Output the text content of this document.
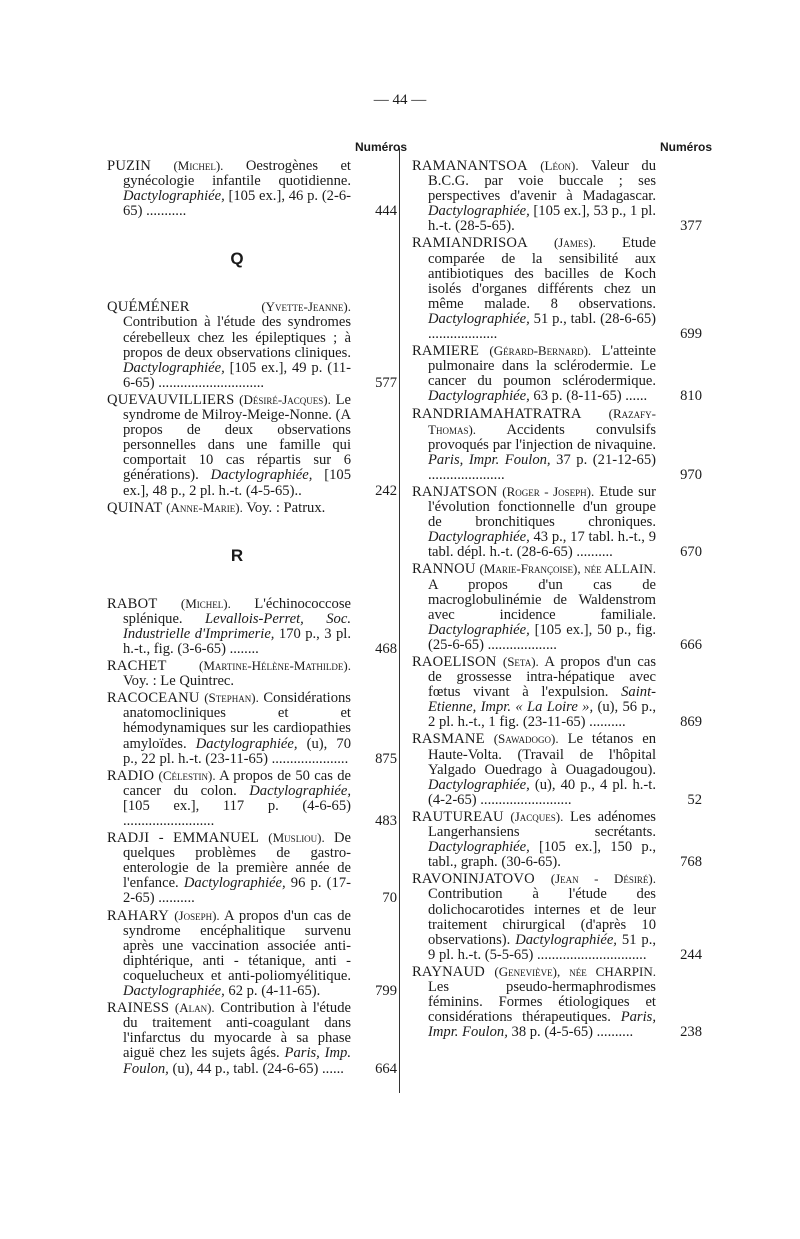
— 44 —
Numéros
PUZIN (Michel). Oestrogènes et gynécologie infantile quotidienne. Dactylographiée, [105 ex.], 46 p. (2-6-65) ...........	444
Q
QUÉMÉNER	(Yvette-Jeanne). Contribution à l'étude des syndromes cérebelleux chez les épileptiques ; à propos de deux observations cliniques. Dactylographiée, [105 ex.], 49 p. (11-6-65) .............................	577
QUEVAUVILLIERS (Désiré-Jacques). Le syndrome de Milroy-Meige-Nonne. (A propos de deux observations personnelles dans une famille qui comportait 10 cas répartis sur 6 générations). Dactylographiée, [105 ex.], 48 p., 2 pl. h.-t. (4-5-65)..	242
QUINAT (Anne-Marie). Voy. : Patrux.
R
RABOT (Michel). L'échinococcose splénique. Levallois-Perret, Soc. Industrielle d'Imprimerie, 170 p., 3 pl. h.-t., fig. (3-6-65) ........	468
RACHET (Martine-Hélène-Mathilde). Voy. : Le Quintrec.
RACOCEANU (Stephan). Considérations anatomocliniques et et hémodynamiques sur les cardiopathies amyloïdes. Dactylographiée, (u), 70 p., 22 pl. h.-t. (23-11-65) .....................	875
RADIO (Célestin). A propos de 50 cas de cancer du colon. Dactylographiée, [105 ex.], 117 p. (4-6-65) .........................	483
RADJI - EMMANUEL (Musliou). De quelques problèmes de gastro-enterologie de la première année de l'enfance. Dactylographiée, 96 p. (17-2-65) ..........	70
RAHARY (Joseph). A propos d'un cas de syndrome encéphalitique survenu après une vaccination associée anti-diphtérique, anti - tétanique, anti - coquelucheux et anti-poliomyélitique. Dactylographiée, 62 p. (4-11-65).	799
RAINESS (Alan). Contribution à l'étude du traitement anti-coagulant dans l'infarctus du myocarde à sa phase aiguë chez les sujets âgés. Paris, Imp. Foulon, (u), 44 p., tabl. (24-6-65) ......	664
Numéros
RAMANANTSOA (Léon). Valeur du B.C.G. par voie buccale ; ses perspectives d'avenir à Madagascar. Dactylographiée, [105 ex.], 53 p., 1 pl. h.-t. (28-5-65).	377
RAMIANDRISOA (James). Etude comparée de la sensibilité aux antibiotiques des bacilles de Koch isolés d'organes différents chez un même malade. 8 observations. Dactylographiée, 51 p., tabl. (28-6-65) ...................	699
RAMIERE (Gérard-Bernard). L'atteinte pulmonaire dans la sclérodermie. Le cancer du poumon sclérodermique. Dactylographiée, 63 p. (8-11-65) ......	810
RANDRIAMAHATRATRA (Razafy-Thomas). Accidents convulsifs provoqués par l'injection de nivaquine. Paris, Impr. Foulon, 37 p. (21-12-65) .....................	970
RANJATSON (Roger - Joseph). Etude sur l'évolution fonctionnelle d'un groupe de bronchitiques chroniques. Dactylographiée, 43 p., 17 tabl. h.-t., 9 tabl. dépl. h.-t. (28-6-65) ..........	670
RANNOU (Marie-Françoise), née ALLAIN. A propos d'un cas de macroglobulinémie de Waldenstrom avec incidence familiale. Dactylographiée, [105 ex.], 50 p., fig. (25-6-65) ...................	666
RAOELISON (Seta). A propos d'un cas de grossesse intra-hépatique avec fœtus vivant à l'expulsion. Saint-Etienne, Impr. « La Loire », (u), 56 p., 2 pl. h.-t., 1 fig. (23-11-65) ..........	869
RASMANE (Sawadogo). Le tétanos en Haute-Volta. (Travail de l'hôpital Yalgado Ouedrago à Ouagadougou). Dactylographiée, (u), 40 p., 4 pl. h.-t. (4-2-65) .........................	52
RAUTUREAU (Jacques). Les adénomes Langerhansiens secrétants. Dactylographiée, [105 ex.], 150 p., tabl., graph. (30-6-65).	768
RAVONINJATOVO (Jean - Désiré). Contribution à l'étude des dolichocarotides internes et de leur traitement chirurgical (d'après 10 observations). Dactylographiée, 51 p., 9 pl. h.-t. (5-5-65) ..............................	244
RAYNAUD (Geneviève), née CHARPIN. Les pseudo-hermaphrodismes féminins. Formes étiologiques et considérations thérapeutiques. Paris, Impr. Foulon, 38 p. (4-5-65) ..........	238
